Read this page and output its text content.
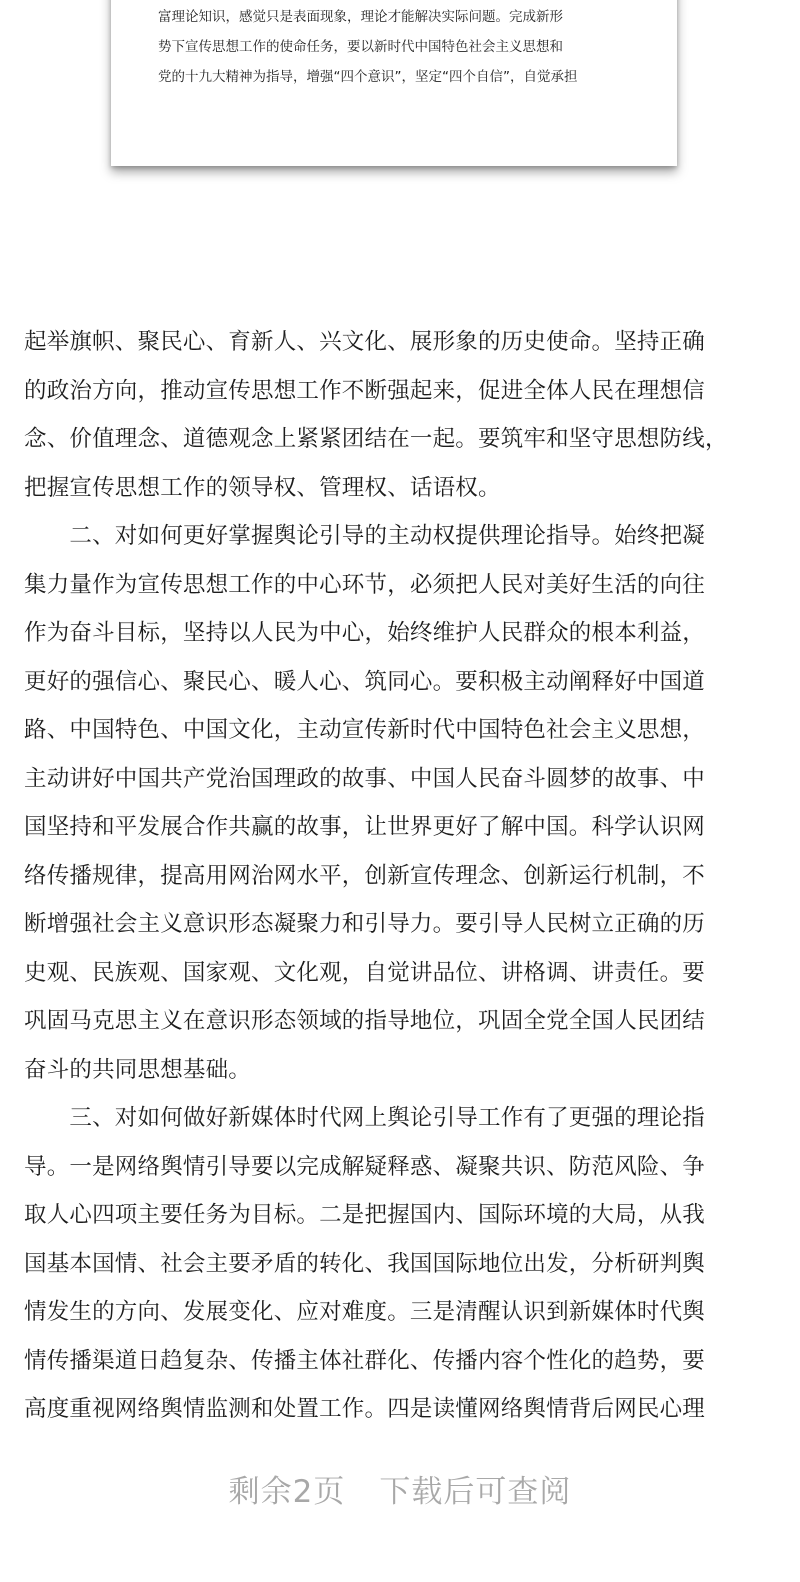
富理论知识，感觉只是表面现象，理论才能解决实际问题。完成新形
势下宣传思想工作的使命任务，要以新时代中国特色社会主义思想和
党的十九大精神为指导，增强“四个意识”，坚定“四个自信”，自觉承担
起举旗帜、聚民心、育新人、兴文化、展形象的历史使命。坚持正确
的政治方向，推动宣传思想工作不断强起来，促进全体人民在理想信
念、价值理念、道德观念上紧紧团结在一起。要筑牢和坚守思想防线，
把握宣传思想工作的领导权、管理权、话语权。
　　二、对如何更好掌握舆论引导的主动权提供理论指导。始终把凝
集力量作为宣传思想工作的中心环节，必须把人民对美好生活的向往
作为奋斗目标，坚持以人民为中心，始终维护人民群众的根本利益，
更好的强信心、聚民心、暖人心、筑同心。要积极主动阐释好中国道
路、中国特色、中国文化，主动宣传新时代中国特色社会主义思想，
主动讲好中国共产党治国理政的故事、中国人民奋斗圆梦的故事、中
国坚持和平发展合作共赢的故事，让世界更好了解中国。科学认识网
络传播规律，提高用网治网水平，创新宣传理念、创新运行机制，不
断增强社会主义意识形态凝聚力和引导力。要引导人民树立正确的历
史观、民族观、国家观、文化观，自觉讲品位、讲格调、讲责任。要
巩固马克思主义在意识形态领域的指导地位，巩固全党全国人民团结
奋斗的共同思想基础。
　　三、对如何做好新媒体时代网上舆论引导工作有了更强的理论指
导。一是网络舆情引导要以完成解疑释惑、凝聚共识、防范风险、争
取人心四项主要任务为目标。二是把握国内、国际环境的大局，从我
国基本国情、社会主要矛盾的转化、我国国际地位出发，分析研判舆
情发生的方向、发展变化、应对难度。三是清醒认识到新媒体时代舆
情传播渠道日趋复杂、传播主体社群化、传播内容个性化的趋势，要
高度重视网络舆情监测和处置工作。四是读懂网络舆情背后网民心理
剩余2页 下载后可查阅
